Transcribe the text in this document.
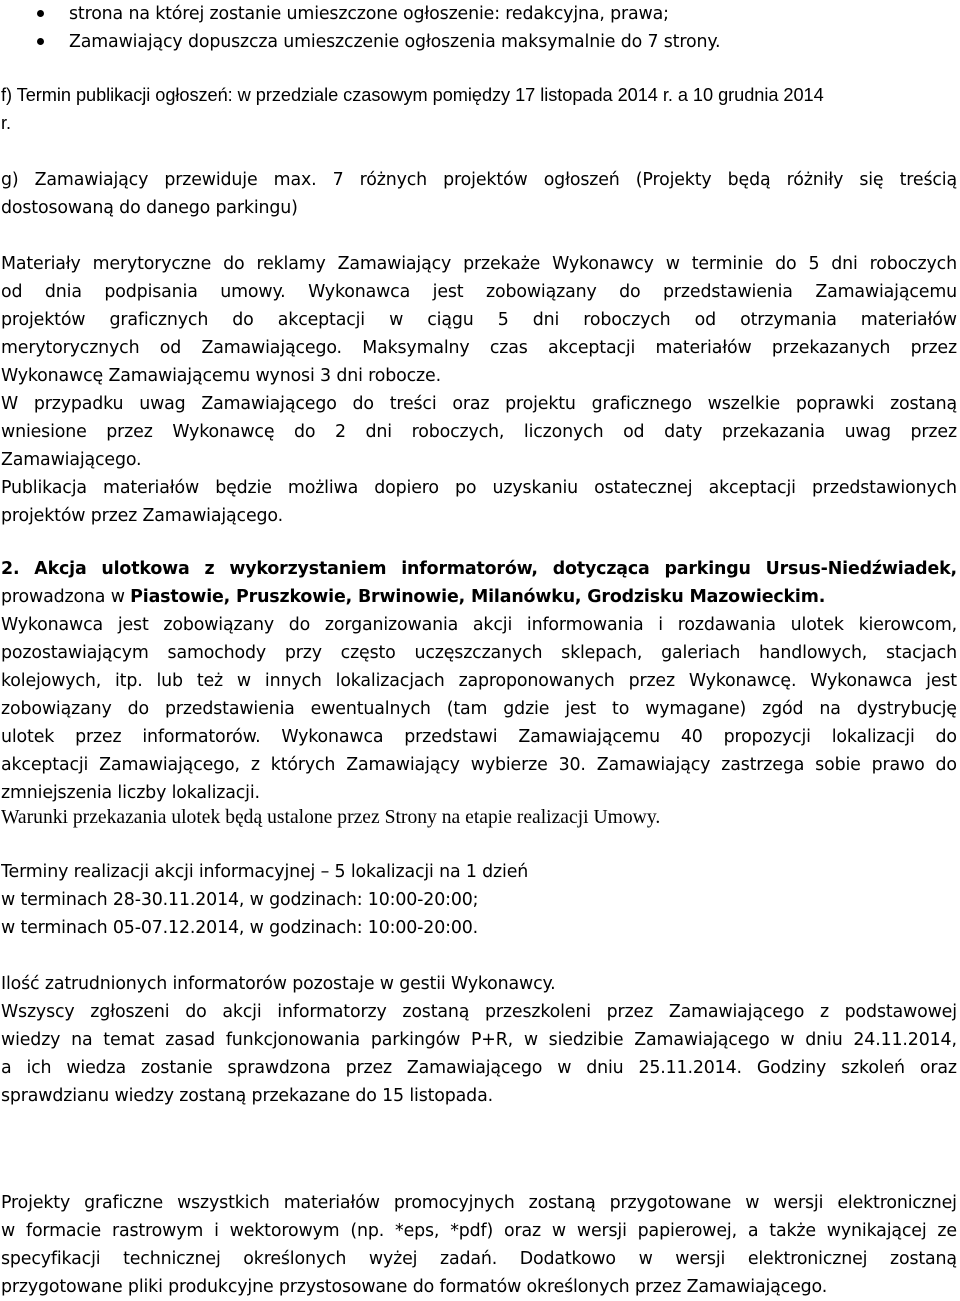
strona na której zostanie umieszczone ogłoszenie: redakcyjna, prawa;
Zamawiający dopuszcza umieszczenie ogłoszenia maksymalnie do 7 strony.
f) Termin publikacji ogłoszeń: w przedziale czasowym pomiędzy 17 listopada 2014 r. a 10 grudnia 2014
r.
g) Zamawiający przewiduje max. 7 różnych projektów ogłoszeń (Projekty będą różniły się treścią
dostosowaną do danego parkingu)
Materiały merytoryczne do reklamy Zamawiający przekaże Wykonawcy w terminie do 5 dni roboczych
od dnia podpisania umowy. Wykonawca jest zobowiązany do przedstawienia Zamawiającemu
projektów graficznych do akceptacji w ciągu 5 dni roboczych od otrzymania materiałów
merytorycznych od Zamawiającego. Maksymalny czas akceptacji materiałów przekazanych przez
Wykonawcę Zamawiającemu wynosi 3 dni robocze.
W przypadku uwag Zamawiającego do treści oraz projektu graficznego wszelkie poprawki zostaną
wniesione przez Wykonawcę do 2 dni roboczych, liczonych od daty przekazania uwag przez
Zamawiającego.
Publikacja materiałów będzie możliwa dopiero po uzyskaniu ostatecznej akceptacji przedstawionych
projektów przez Zamawiającego.
2. Akcja ulotkowa z wykorzystaniem informatorów, dotycząca parkingu Ursus-Niedźwiadek,
prowadzona w Piastowie, Pruszkowie, Brwinowie, Milanówku, Grodzisku Mazowieckim.
Wykonawca jest zobowiązany do zorganizowania akcji informowania i rozdawania ulotek kierowcom,
pozostawiającym samochody przy często uczęszczanych sklepach, galeriach handlowych, stacjach
kolejowych, itp. lub też w innych lokalizacjach zaproponowanych przez Wykonawcę. Wykonawca jest
zobowiązany do przedstawienia ewentualnych (tam gdzie jest to wymagane) zgód na dystrybucję
ulotek przez informatorów. Wykonawca przedstawi Zamawiającemu 40 propozycji lokalizacji do
akceptacji Zamawiającego, z których Zamawiający wybierze 30. Zamawiający zastrzega sobie prawo do
zmniejszenia liczby lokalizacji.
Warunki przekazania ulotek będą ustalone przez Strony na etapie realizacji Umowy.
Terminy realizacji akcji informacyjnej – 5 lokalizacji na 1 dzień
w terminach 28-30.11.2014, w godzinach: 10:00-20:00;
w terminach 05-07.12.2014, w godzinach: 10:00-20:00.
Ilość zatrudnionych informatorów pozostaje w gestii Wykonawcy.
Wszyscy zgłoszeni do akcji informatorzy zostaną przeszkoleni przez Zamawiającego z podstawowej
wiedzy na temat zasad funkcjonowania parkingów P+R, w siedzibie Zamawiającego w dniu 24.11.2014,
a ich wiedza zostanie sprawdzona przez Zamawiającego w dniu 25.11.2014. Godziny szkoleń oraz
sprawdzianu wiedzy zostaną przekazane do 15 listopada.
Projekty graficzne wszystkich materiałów promocyjnych zostaną przygotowane w wersji elektronicznej
w formacie rastrowym i wektorowym (np. *eps, *pdf) oraz w wersji papierowej, a także wynikającej ze
specyfikacji technicznej określonych wyżej zadań. Dodatkowo w wersji elektronicznej zostaną
przygotowane pliki produkcyjne przystosowane do formatów określonych przez Zamawiającego.
